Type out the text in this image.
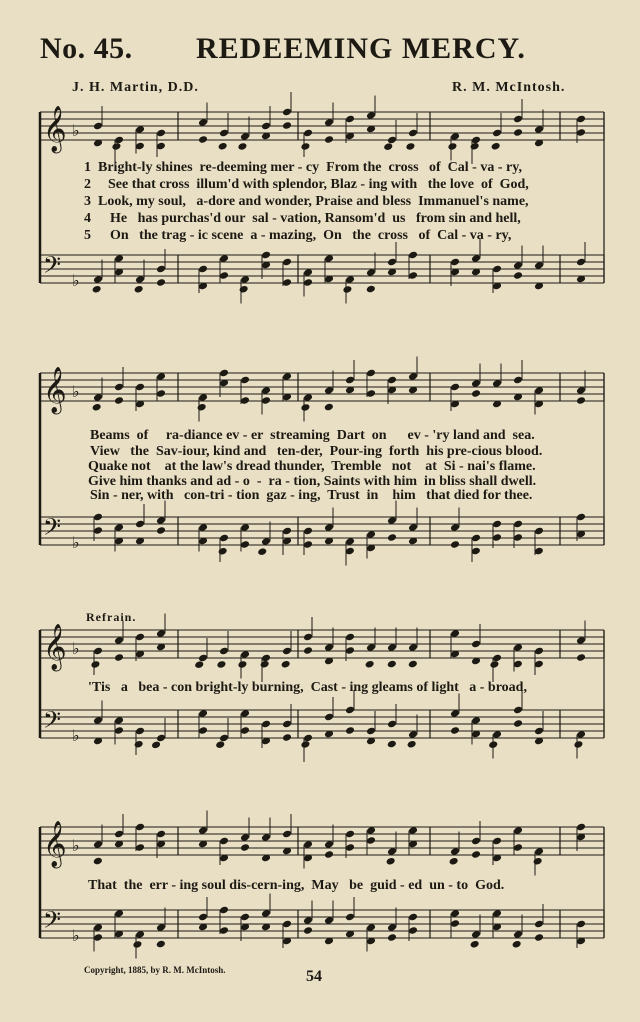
No. 45. REDEEMING MERCY.
J. H. Martin, D.D.	R. M. McIntosh.
𝄞 ♭
𝄢 ♭
1 Bright-ly shines  re-deeming mer - cy  From the  cross   of  Cal - va - ry,
2 See that cross  illum'd with splendor, Blaz - ing with   the love  of  God,
3 Look, my soul,   a-dore and wonder, Praise and bless  Immanuel's name,
4 He   has purchas'd our  sal - vation, Ransom'd  us   from sin and hell,
5 On   the trag - ic scene  a - mazing,  On   the  cross   of  Cal - va - ry,
𝄞 ♭
𝄢 ♭
Beams  of     ra-diance ev - er  streaming  Dart  on      ev - 'ry land and  sea.
View   the  Sav-iour, kind and   ten-der,  Pour-ing  forth  his pre-cious blood.
Quake not    at the law's dread thunder,  Tremble   not    at  Si - nai's flame.
Give him thanks and ad - o  -  ra - tion, Saints with him  in bliss shall dwell.
Sin - ner, with   con-tri - tion  gaz - ing,  Trust  in    him   that died for thee.
Refrain.
𝄞 ♭
𝄢 ♭
'Tis   a   bea - con bright-ly burning,  Cast - ing gleams of light   a - broad,
𝄞 ♭
𝄢 ♭
That  the  err - ing soul dis-cern-ing,  May   be  guid - ed  un - to  God.
Copyright, 1885, by R. M. McIntosh.	54
